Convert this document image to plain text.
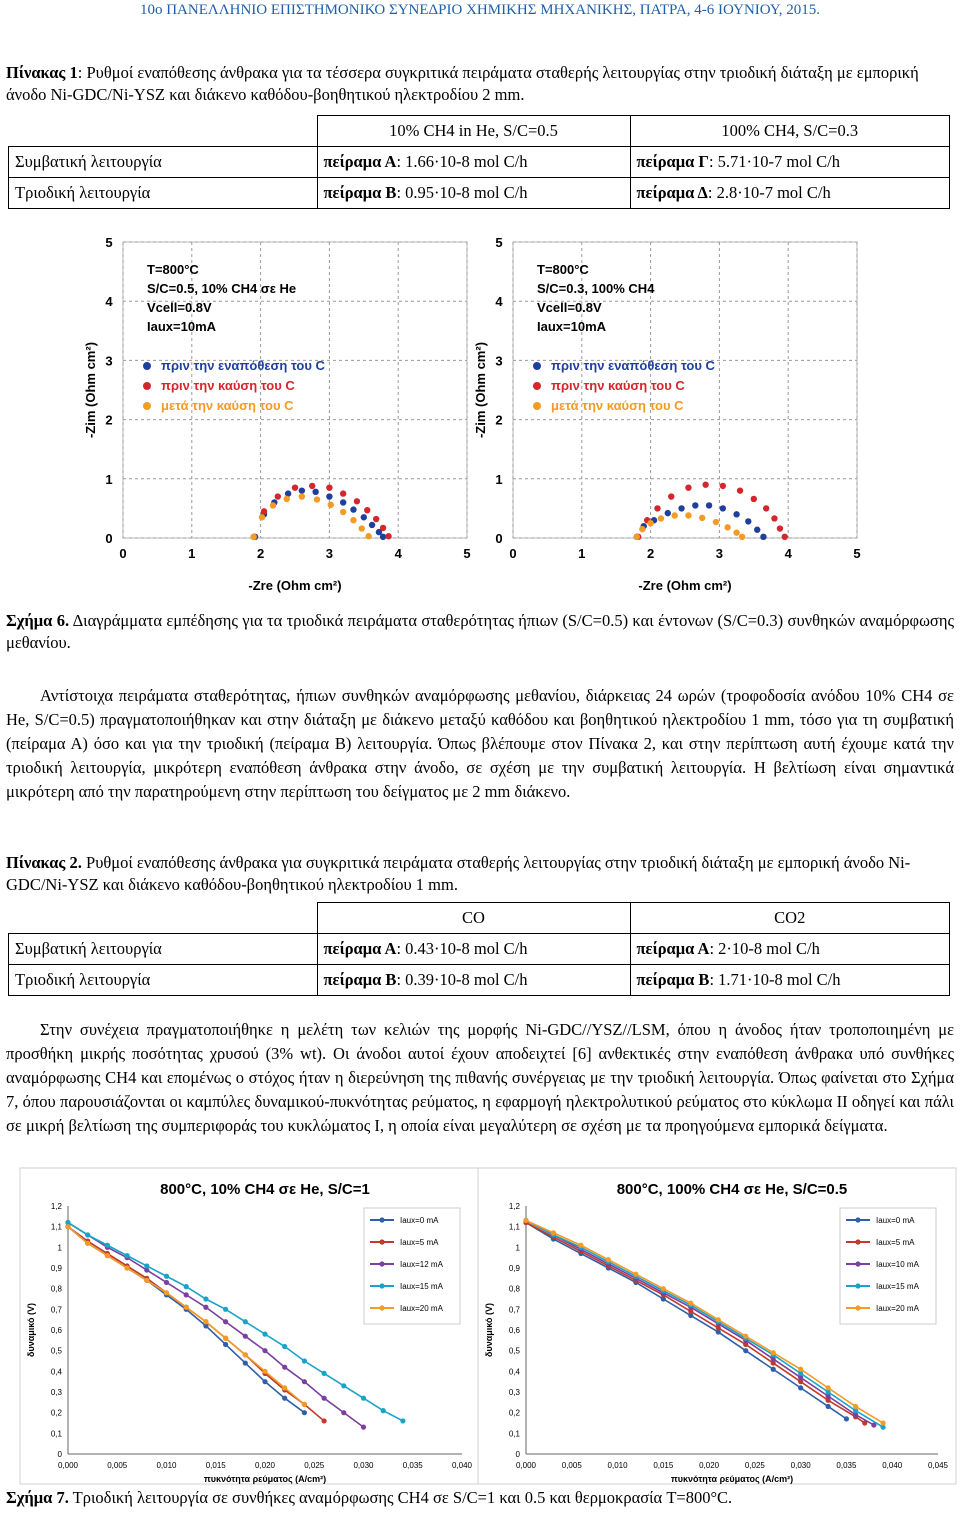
10ο ΠΑΝΕΛΛΗΝΙΟ ΕΠΙΣΤΗΜΟΝΙΚΟ ΣΥΝΕΔΡΙΟ ΧΗΜΙΚΗΣ ΜΗΧΑΝΙΚΗΣ, ΠΑΤΡΑ, 4-6 ΙΟΥΝΙΟΥ, 2015.
Πίνακας 1: Ρυθμοί εναπόθεσης άνθρακα για τα τέσσερα συγκριτικά πειράματα σταθερής λειτουργίας στην τριοδική διάταξη με εμπορική άνοδο Ni-GDC/Ni-YSZ και διάκενο καθόδου-βοηθητικού ηλεκτροδίου 2 mm.
	10% CH4 in He, S/C=0.5	100% CH4, S/C=0.3
Συμβατική λειτουργία	πείραμα Α: 1.66·10-8 mol C/h	πείραμα Γ: 5.71·10-7 mol C/h
Τριοδική λειτουργία	πείραμα Β: 0.95·10-8 mol C/h	πείραμα Δ: 2.8·10-7 mol C/h
0	1	2	3	4	5
0
1
2
3
4
5
-Zre (Ohm cm²)
-Zim (Ohm cm²)
T=800°C
S/C=0.5, 10% CH4 σε He
Vcell=0.8V
Iaux=10mA
πριν την εναπόθεση του C
πριν την καύση του C
μετά την καύση του C
0	1	2	3	4	5
0
1
2
3
4
5
-Zre (Ohm cm²)
-Zim (Ohm cm²)
T=800°C
S/C=0.3, 100% CH4
Vcell=0.8V
Iaux=10mA
πριν την εναπόθεση του C
πριν την καύση του C
μετά την καύση του C
Σχήμα 6. Διαγράμματα εμπέδησης για τα τριοδικά πειράματα σταθερότητας ήπιων (S/C=0.5) και έντονων (S/C=0.3) συνθηκών αναμόρφωσης μεθανίου.
Αντίστοιχα πειράματα σταθερότητας, ήπιων συνθηκών αναμόρφωσης μεθανίου, διάρκειας 24 ωρών (τροφοδοσία ανόδου 10% CH4 σε He, S/C=0.5) πραγματοποιήθηκαν και στην διάταξη με διάκενο μεταξύ καθόδου και βοηθητικού ηλεκτροδίου 1 mm, τόσο για τη συμβατική (πείραμα Α) όσο και για την τριοδική (πείραμα Β) λειτουργία. Όπως βλέπουμε στον Πίνακα 2, και στην περίπτωση αυτή έχουμε κατά την τριοδική λειτουργία, μικρότερη εναπόθεση άνθρακα στην άνοδο, σε σχέση με την συμβατική λειτουργία. Η βελτίωση είναι σημαντικά μικρότερη από την παρατηρούμενη στην περίπτωση του δείγματος με 2 mm διάκενο.
Πίνακας 2. Ρυθμοί εναπόθεσης άνθρακα για συγκριτικά πειράματα σταθερής λειτουργίας στην τριοδική διάταξη με εμπορική άνοδο Ni-GDC/Ni-YSZ και διάκενο καθόδου-βοηθητικού ηλεκτροδίου 1 mm.
	CO	CO2
Συμβατική λειτουργία	πείραμα Α: 0.43·10-8 mol C/h	πείραμα Α: 2·10-8 mol C/h
Τριοδική λειτουργία	πείραμα Β: 0.39·10-8 mol C/h	πείραμα Β: 1.71·10-8 mol C/h
Στην συνέχεια πραγματοποιήθηκε η μελέτη των κελιών της μορφής Ni-GDC//YSZ//LSM, όπου η άνοδος ήταν τροποποιημένη με προσθήκη μικρής ποσότητας χρυσού (3% wt). Οι άνοδοι αυτοί έχουν αποδειχτεί [6] ανθεκτικές στην εναπόθεση άνθρακα υπό συνθήκες αναμόρφωσης CH4 και επομένως ο στόχος ήταν η διερεύνηση της πιθανής συνέργειας με την τριοδική λειτουργία. Όπως φαίνεται στο Σχήμα 7, όπου παρουσιάζονται οι καμπύλες δυναμικού-πυκνότητας ρεύματος, η εφαρμογή ηλεκτρολυτικού ρεύματος στο κύκλωμα ΙΙ οδηγεί και πάλι σε μικρή βελτίωση της συμπεριφοράς του κυκλώματος Ι, η οποία είναι μεγαλύτερη σε σχέση με τα προηγούμενα εμπορικά δείγματα.
800°C, 10% CH4 σε He, S/C=1
0,000	0,005	0,010	0,015	0,020	0,025	0,030	0,035	0,040
0
0,1
0,2
0,3
0,4
0,5
0,6
0,7
0,8
0,9
1
1,1
1,2
πυκνότητα ρεύματος (A/cm²)
δυναμικό (V)
Iaux=0 mA
Iaux=5 mA
Iaux=12 mA
Iaux=15 mA
Iaux=20 mA
800°C, 100% CH4 σε He, S/C=0.5
0,000	0,005	0,010	0,015	0,020	0,025	0,030	0,035	0,040	0,045
0
0,1
0,2
0,3
0,4
0,5
0,6
0,7
0,8
0,9
1
1,1
1,2
πυκνότητα ρεύματος (A/cm²)
δυναμικό (V)
Iaux=0 mA
Iaux=5 mA
Iaux=10 mA
Iaux=15 mA
Iaux=20 mA
Σχήμα 7. Τριοδική λειτουργία σε συνθήκες αναμόρφωσης CH4 σε S/C=1 και 0.5 και θερμοκρασία T=800°C.
